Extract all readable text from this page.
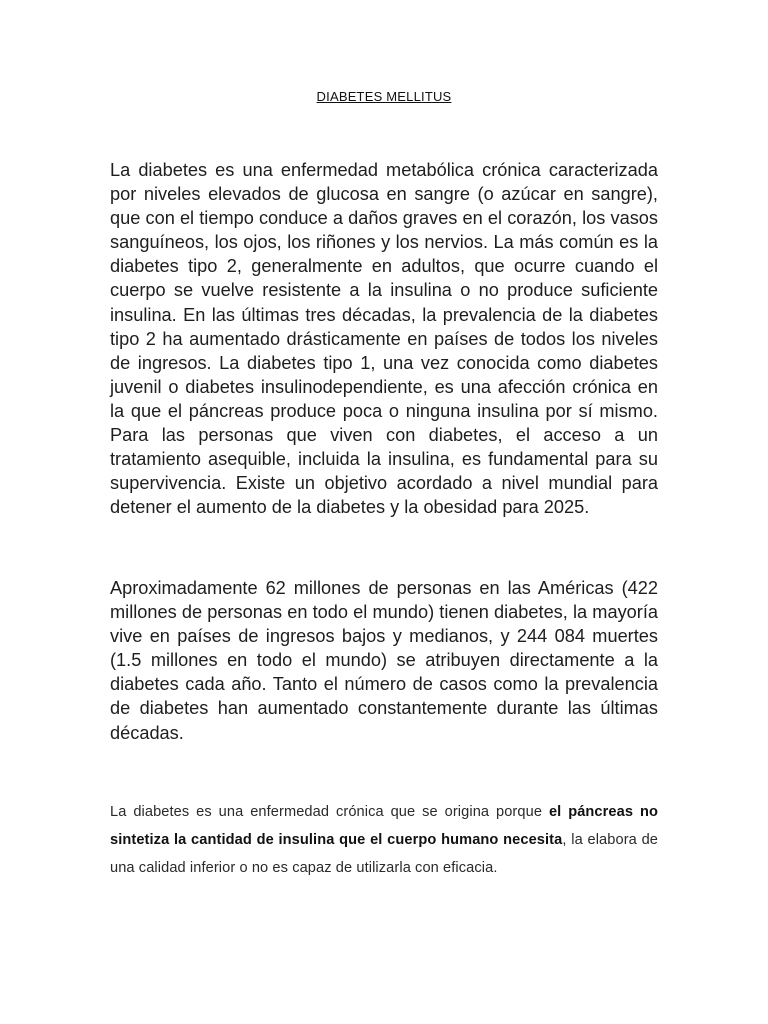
DIABETES MELLITUS

La diabetes es una enfermedad metabólica crónica caracterizada por niveles elevados de glucosa en sangre (o azúcar en sangre), que con el tiempo conduce a daños graves en el corazón, los vasos sanguíneos, los ojos, los riñones y los nervios. La más común es la diabetes tipo 2, generalmente en adultos, que ocurre cuando el cuerpo se vuelve resistente a la insulina o no produce suficiente insulina. En las últimas tres décadas, la prevalencia de la diabetes tipo 2 ha aumentado drásticamente en países de todos los niveles de ingresos. La diabetes tipo 1, una vez conocida como diabetes juvenil o diabetes insulinodependiente, es una afección crónica en la que el páncreas produce poca o ninguna insulina por sí mismo. Para las personas que viven con diabetes, el acceso a un tratamiento asequible, incluida la insulina, es fundamental para su supervivencia. Existe un objetivo acordado a nivel mundial para detener el aumento de la diabetes y la obesidad para 2025.

Aproximadamente 62 millones de personas en las Américas (422 millones de personas en todo el mundo) tienen diabetes, la mayoría vive en países de ingresos bajos y medianos, y 244 084 muertes (1.5 millones en todo el mundo) se atribuyen directamente a la diabetes cada año. Tanto el número de casos como la prevalencia de diabetes han aumentado constantemente durante las últimas décadas.

La diabetes es una enfermedad crónica que se origina porque el páncreas no sintetiza la cantidad de insulina que el cuerpo humano necesita, la elabora de una calidad inferior o no es capaz de utilizarla con eficacia.
